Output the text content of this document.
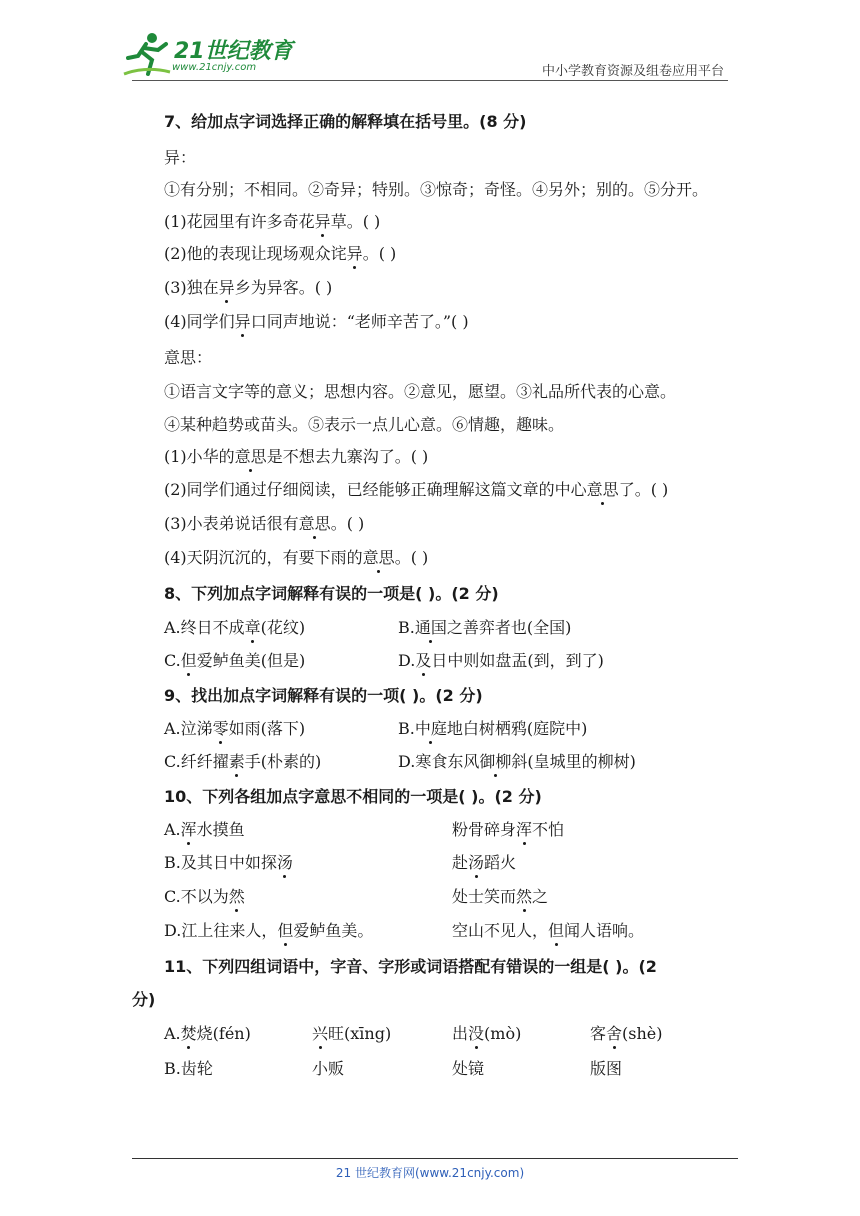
21世纪教育
www.21cnjy.com	中小学教育资源及组卷应用平台
7、给加点字词选择正确的解释填在括号里。(8 分)
异：
①有分别；不相同。②奇异；特别。③惊奇；奇怪。④另外；别的。⑤分开。
(1)花园里有许多奇花异草。( )
(2)他的表现让现场观众诧异。( )
(3)独在异乡为异客。( )
(4)同学们异口同声地说：“老师辛苦了。”( )
意思：
①语言文字等的意义；思想内容。②意见，愿望。③礼品所代表的心意。
④某种趋势或苗头。⑤表示一点儿心意。⑥情趣，趣味。
(1)小华的意思是不想去九寨沟了。( )
(2)同学们通过仔细阅读，已经能够正确理解这篇文章的中心意思了。( )
(3)小表弟说话很有意思。( )
(4)天阴沉沉的，有要下雨的意思。( )
8、下列加点字词解释有误的一项是( )。(2 分)
A.终日不成章(花纹)	B.通国之善弈者也(全国)
C.但爱鲈鱼美(但是)	D.及日中则如盘盂(到，到了)
9、找出加点字词解释有误的一项( )。(2 分)
A.泣涕零如雨(落下)	B.中庭地白树栖鸦(庭院中)
C.纤纤擢素手(朴素的)	D.寒食东风御柳斜(皇城里的柳树)
10、下列各组加点字意思不相同的一项是( )。(2 分)
A.浑水摸鱼	粉骨碎身浑不怕
B.及其日中如探汤	赴汤蹈火
C.不以为然	处士笑而然之
D.江上往来人，但爱鲈鱼美。	空山不见人，但闻人语响。
11、下列四组词语中，字音、字形或词语搭配有错误的一组是( )。(2
分)
A.焚烧(fén)	兴旺(xīng)	出没(mò)	客舍(shè)
B.齿轮	小贩	处镜	版图
21 世纪教育网(www.21cnjy.com)
